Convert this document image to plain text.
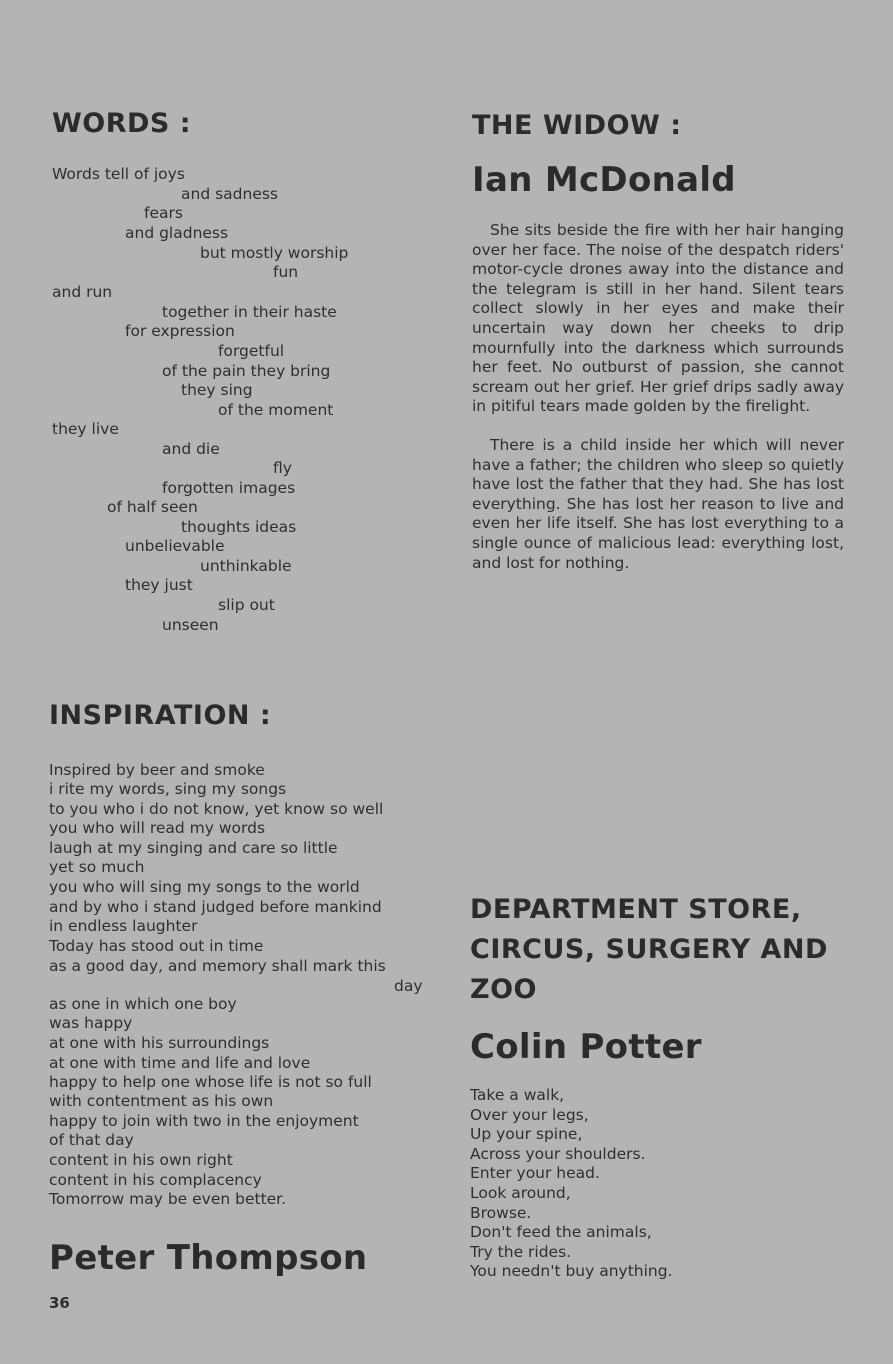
WORDS :
Words tell of joys
and sadness
fears
and gladness
but mostly worship
fun
and run
together in their haste
for expression
forgetful
of the pain they bring
they sing
of the moment
they live
and die
fly
forgotten images
of half seen
thoughts ideas
unbelievable
unthinkable
they just
slip out
unseen
THE WIDOW :
Ian McDonald

She sits beside the fire with her hair hanging over her face. The noise of the despatch riders' motor-cycle drones away into the distance and the telegram is still in her hand. Silent tears collect slowly in her eyes and make their uncertain way down her cheeks to drip mournfully into the darkness which surrounds her feet. No outburst of passion, she cannot scream out her grief. Her grief drips sadly away in pitiful tears made golden by the firelight.

There is a child inside her which will never have a father; the children who sleep so quietly have lost the father that they had. She has lost everything. She has lost her reason to live and even her life itself. She has lost everything to a single ounce of malicious lead: everything lost, and lost for nothing.

INSPIRATION :
Inspired by beer and smoke
i rite my words, sing my songs
to you who i do not know, yet know so well
you who will read my words
laugh at my singing and care so little
yet so much
you who will sing my songs to the world
and by who i stand judged before mankind
in endless laughter
Today has stood out in time
as a good day, and memory shall mark this
day
as one in which one boy
was happy
at one with his surroundings
at one with time and life and love
happy to help one whose life is not so full
with contentment as his own
happy to join with two in the enjoyment
of that day
content in his own right
content in his complacency
Tomorrow may be even better.
Peter Thompson
DEPARTMENT STORE,
CIRCUS, SURGERY AND
ZOO
Colin Potter
Take a walk,
Over your legs,
Up your spine,
Across your shoulders.
Enter your head.
Look around,
Browse.
Don't feed the animals,
Try the rides.
You needn't buy anything.
36
